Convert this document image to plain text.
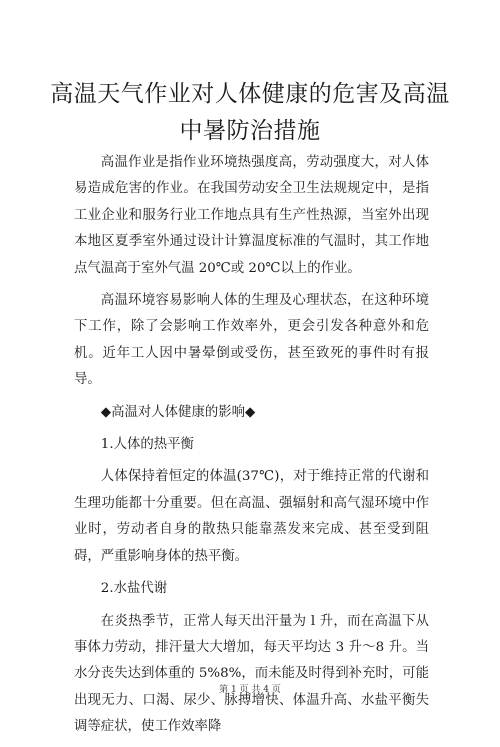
高温天气作业对人体健康的危害及高温中暑防治措施

高温作业是指作业环境热强度高，劳动强度大，对人体易造成危害的作业。在我国劳动安全卫生法规规定中，是指工业企业和服务行业工作地点具有生产性热源，当室外出现本地区夏季室外通过设计计算温度标准的气温时，其工作地点气温高于室外气温 20℃或 20℃以上的作业。

高温环境容易影响人体的生理及心理状态，在这种环境下工作，除了会影响工作效率外，更会引发各种意外和危机。近年工人因中暑晕倒或受伤，甚至致死的事件时有报导。

◆高温对人体健康的影响◆

1.人体的热平衡

人体保持着恒定的体温(37℃)，对于维持正常的代谢和生理功能都十分重要。但在高温、强辐射和高气湿环境中作业时，劳动者自身的散热只能靠蒸发来完成、甚至受到阻碍，严重影响身体的热平衡。

2.水盐代谢

在炎热季节，正常人每天出汗量为 l 升，而在高温下从事体力劳动，排汗量大大增加，每天平均达 3 升～8 升。当水分丧失达到体重的 5%8%，而未能及时得到补充时，可能出现无力、口渴、尿少、脉搏增快、体温升高、水盐平衡失调等症状，使工作效率降

第 1 页 共 4 页
